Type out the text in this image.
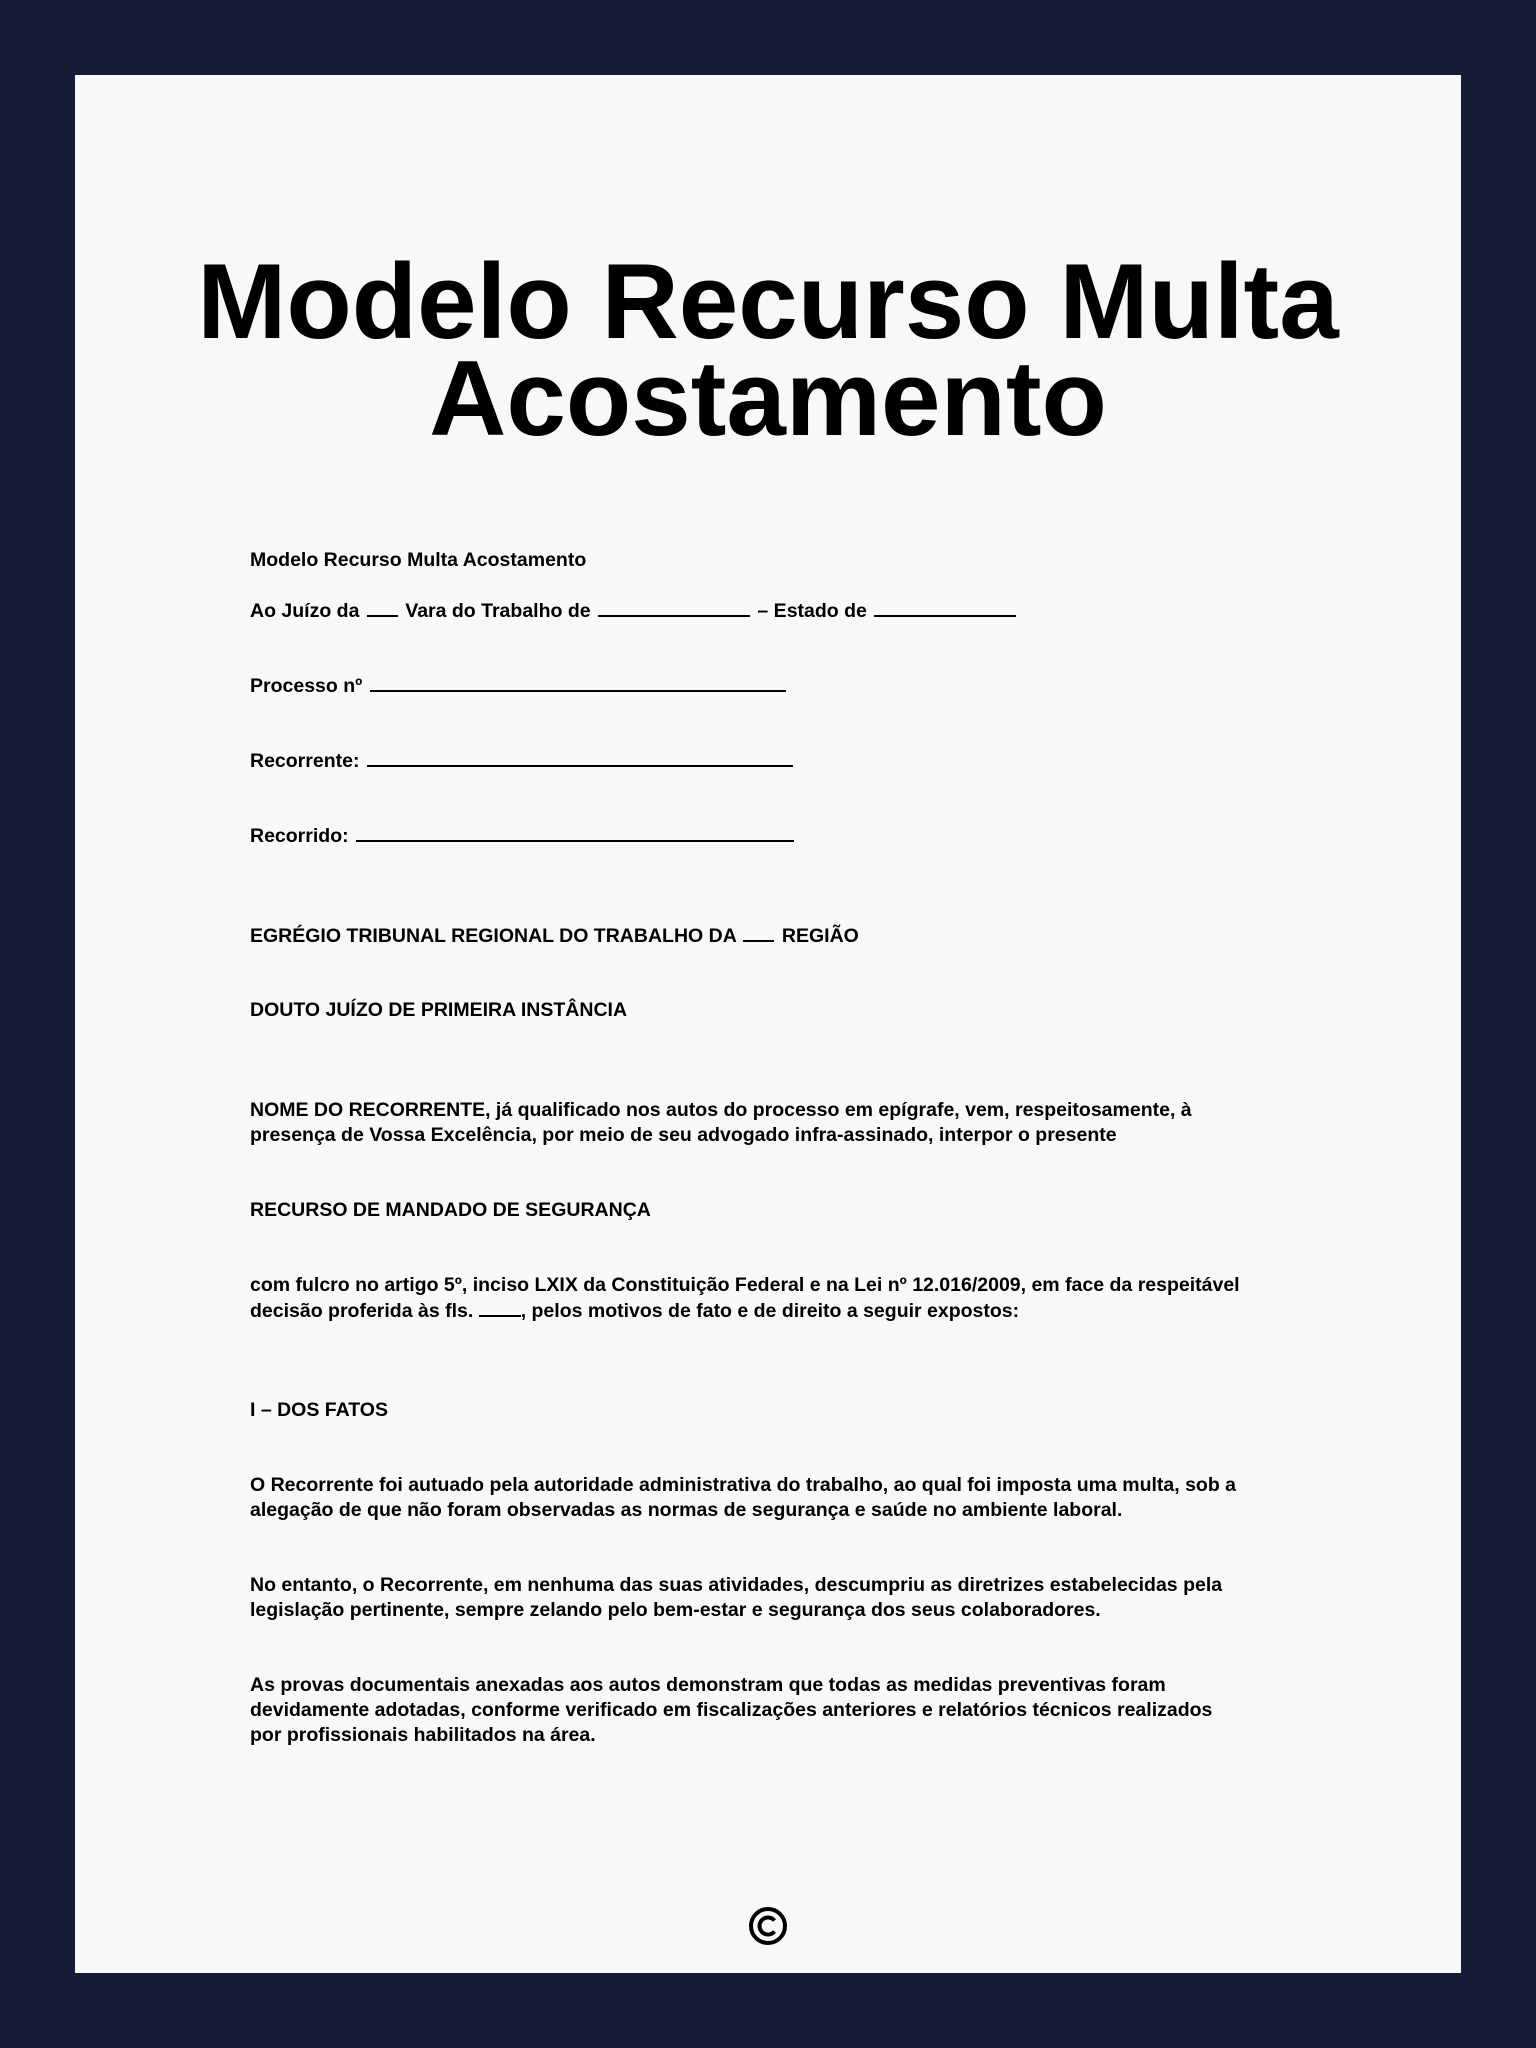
Modelo Recurso Multa
Acostamento

Modelo Recurso Multa Acostamento

Ao Juízo da Vara do Trabalho de	– Estado de

Processo nº

Recorrente:

Recorrido:

EGRÉGIO TRIBUNAL REGIONAL DO TRABALHO DA REGIÃO

DOUTO JUÍZO DE PRIMEIRA INSTÂNCIA

NOME DO RECORRENTE, já qualificado nos autos do processo em epígrafe, vem, respeitosamente, à
presença de Vossa Excelência, por meio de seu advogado infra-assinado, interpor o presente

RECURSO DE MANDADO DE SEGURANÇA

com fulcro no artigo 5º, inciso LXIX da Constituição Federal e na Lei nº 12.016/2009, em face da respeitável
decisão proferida às fls. , pelos motivos de fato e de direito a seguir expostos:

I – DOS FATOS

O Recorrente foi autuado pela autoridade administrativa do trabalho, ao qual foi imposta uma multa, sob a
alegação de que não foram observadas as normas de segurança e saúde no ambiente laboral.

No entanto, o Recorrente, em nenhuma das suas atividades, descumpriu as diretrizes estabelecidas pela
legislação pertinente, sempre zelando pelo bem-estar e segurança dos seus colaboradores.

As provas documentais anexadas aos autos demonstram que todas as medidas preventivas foram
devidamente adotadas, conforme verificado em fiscalizações anteriores e relatórios técnicos realizados
por profissionais habilitados na área.
